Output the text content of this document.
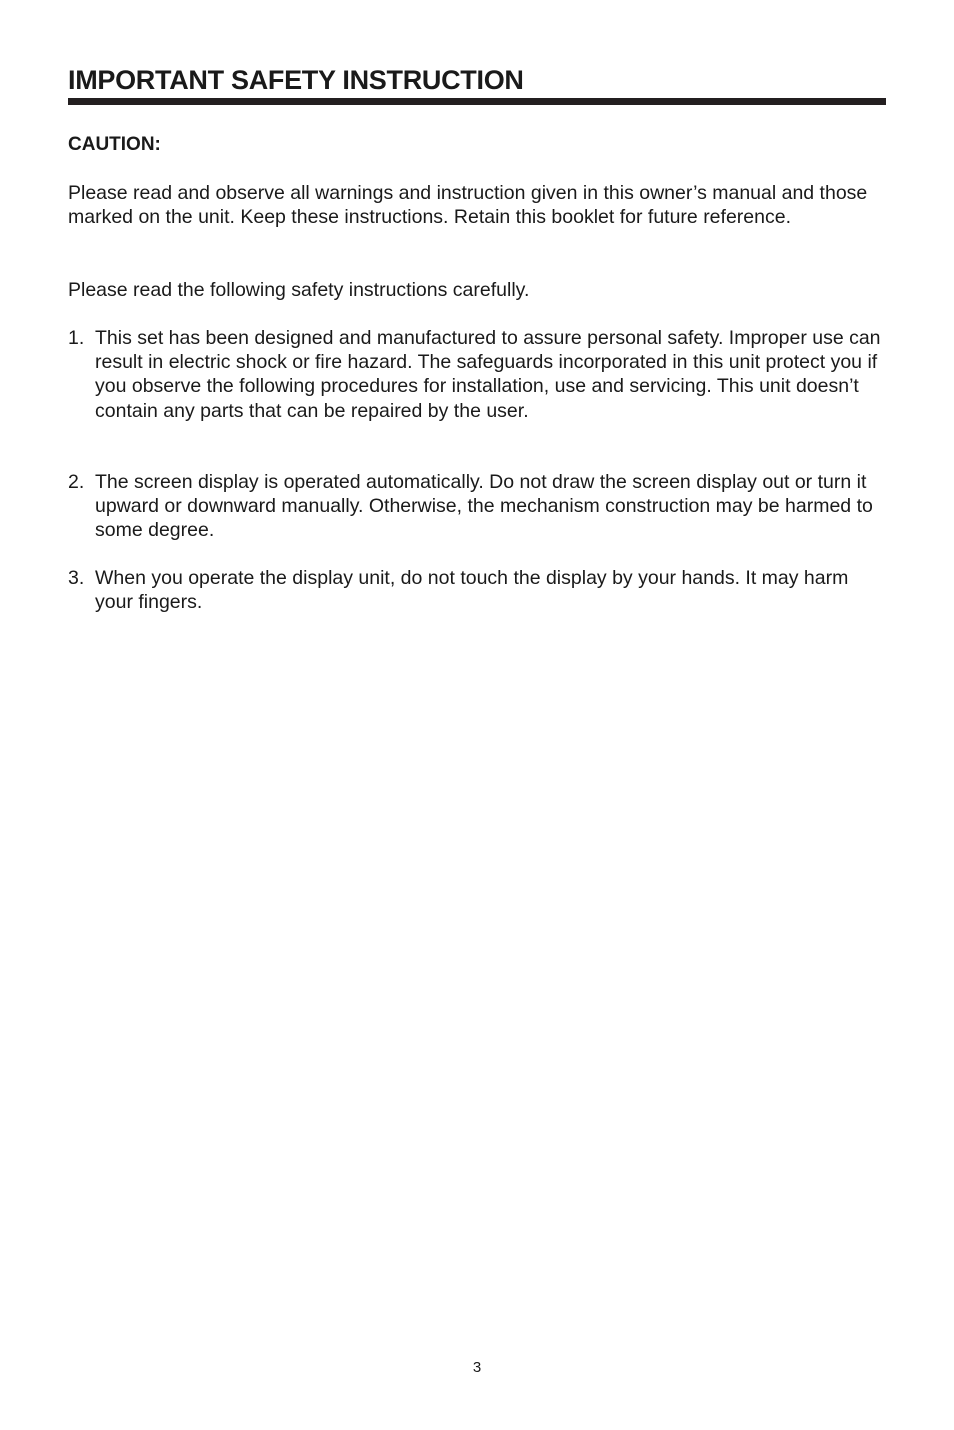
IMPORTANT SAFETY INSTRUCTION

CAUTION:

Please read and observe all warnings and instruction given in this owner’s manual and those marked on the unit. Keep these instructions. Retain this booklet for future reference.

Please read the following safety instructions carefully.

1. This set has been designed and manufactured to assure personal safety. Improper use can result in electric shock or fire hazard. The safeguards incorporated in this unit protect you if you observe the following procedures for installation, use and servicing. This unit doesn’t contain any parts that can be repaired by the user.
2. The screen display is operated automatically. Do not draw the screen display out or turn it upward or downward manually. Otherwise, the mechanism construction may be harmed to some degree.
3. When you operate the display unit, do not touch the display by your hands. It may harm your fingers.
3
